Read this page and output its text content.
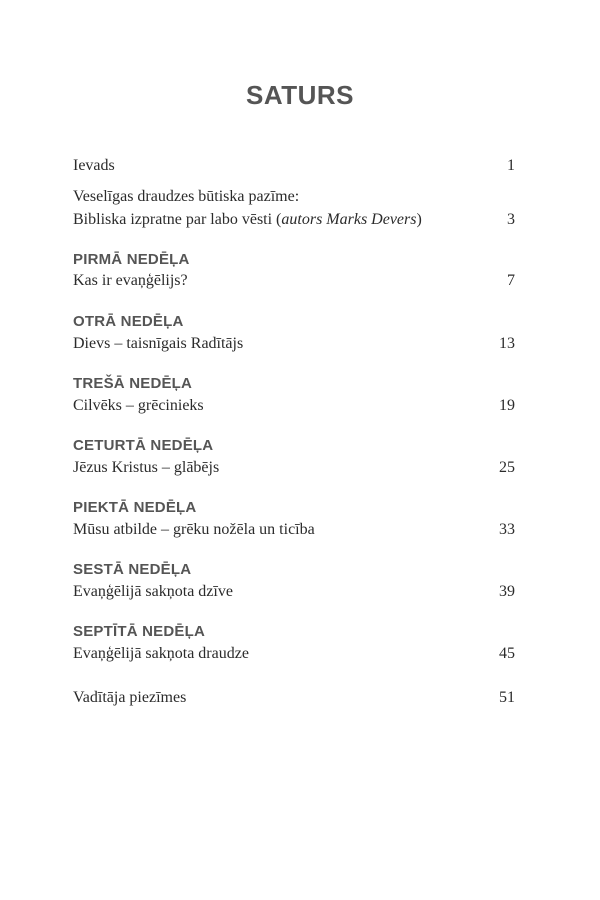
SATURS
Ievads	1
Veselīgas draudzes būtiska pazīme:
Bibliska izpratne par labo vēsti (autors Marks Devers)	3
PIRMĀ NEDĒĻA
Kas ir evaņģēlijs?	7
OTRĀ NEDĒĻA
Dievs – taisnīgais Radītājs	13
TREŠĀ NEDĒĻA
Cilvēks – grēcinieks	19
CETURTĀ NEDĒĻA
Jēzus Kristus – glābējs	25
PIEKTĀ NEDĒĻA
Mūsu atbilde – grēku nožēla un ticība	33
SESTĀ NEDĒĻA
Evaņģēlijā sakņota dzīve	39
SEPTĪTĀ NEDĒĻA
Evaņģēlijā sakņota draudze	45
Vadītāja piezīmes	51
